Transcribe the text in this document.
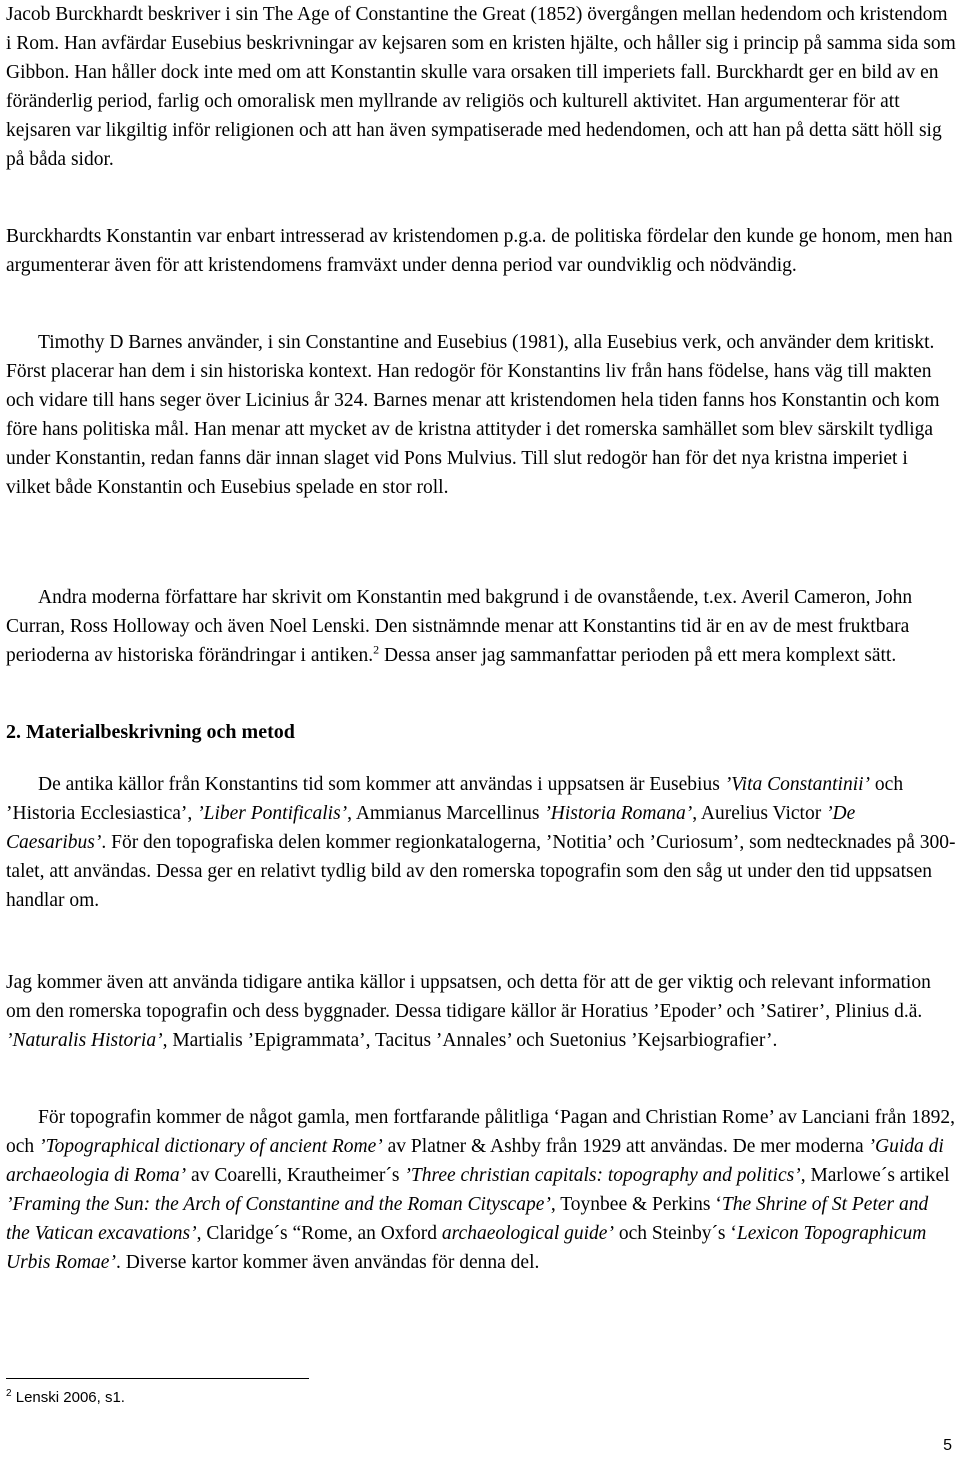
Jacob Burckhardt beskriver i sin The Age of Constantine the Great (1852) övergången mellan hedendom och kristendom i Rom. Han avfärdar Eusebius beskrivningar av kejsaren som en kristen hjälte, och håller sig i princip på samma sida som Gibbon. Han håller dock inte med om att Konstantin skulle vara orsaken till imperiets fall. Burckhardt ger en bild av en föränderlig period, farlig och omoralisk men myllrande av religiös och kulturell aktivitet. Han argumenterar för att kejsaren var likgiltig inför religionen och att han även sympatiserade med hedendomen, och att han på detta sätt höll sig på båda sidor.

Burckhardts Konstantin var enbart intresserad av kristendomen p.g.a. de politiska fördelar den kunde ge honom, men han argumenterar även för att kristendomens framväxt under denna period var oundviklig och nödvändig.

Timothy D Barnes använder, i sin Constantine and Eusebius (1981), alla Eusebius verk, och använder dem kritiskt. Först placerar han dem i sin historiska kontext. Han redogör för Konstantins liv från hans födelse, hans väg till makten och vidare till hans seger över Licinius år 324. Barnes menar att kristendomen hela tiden fanns hos Konstantin och kom före hans politiska mål. Han menar att mycket av de kristna attityder i det romerska samhället som blev särskilt tydliga under Konstantin, redan fanns där innan slaget vid Pons Mulvius. Till slut redogör han för det nya kristna imperiet i vilket både Konstantin och Eusebius spelade en stor roll.

Andra moderna författare har skrivit om Konstantin med bakgrund i de ovanstående, t.ex. Averil Cameron, John Curran, Ross Holloway och även Noel Lenski. Den sistnämnde menar att Konstantins tid är en av de mest fruktbara perioderna av historiska förändringar i antiken.$^2$ Dessa anser jag sammanfattar perioden på ett mera komplext sätt.

2. Materialbeskrivning och metod

De antika källor från Konstantins tid som kommer att användas i uppsatsen är Eusebius ’Vita Constantinii’ och ’Historia Ecclesiastica’, ’Liber Pontificalis’, Ammianus Marcellinus ’Historia Romana’, Aurelius Victor ’De Caesaribus’. För den topografiska delen kommer regionkatalogerna, ’Notitia’ och ’Curiosum’, som nedtecknades på 300-talet, att användas. Dessa ger en relativt tydlig bild av den romerska topografin som den såg ut under den tid uppsatsen handlar om.

Jag kommer även att använda tidigare antika källor i uppsatsen, och detta för att de ger viktig och relevant information om den romerska topografin och dess byggnader. Dessa tidigare källor är Horatius ’Epoder’ och ’Satirer’, Plinius d.ä. ’Naturalis Historia’, Martialis ’Epigrammata’, Tacitus ’Annales’ och Suetonius ’Kejsarbiografier’.

För topografin kommer de något gamla, men fortfarande pålitliga ‘Pagan and Christian Rome’ av Lanciani från 1892, och ’Topographical dictionary of ancient Rome’ av Platner & Ashby från 1929 att användas. De mer moderna ’Guida di archaeologia di Roma’ av Coarelli, Krautheimer´s ’Three christian capitals: topography and politics’, Marlowe´s artikel ’Framing the Sun: the Arch of Constantine and the Roman Cityscape’, Toynbee & Perkins ‘The Shrine of St Peter and the Vatican excavations’, Claridge´s “Rome, an Oxford archaeological guide’ och Steinby´s ‘Lexicon Topographicum Urbis Romae’. Diverse kartor kommer även användas för denna del.

$^2$ Lenski 2006, s1.

5
